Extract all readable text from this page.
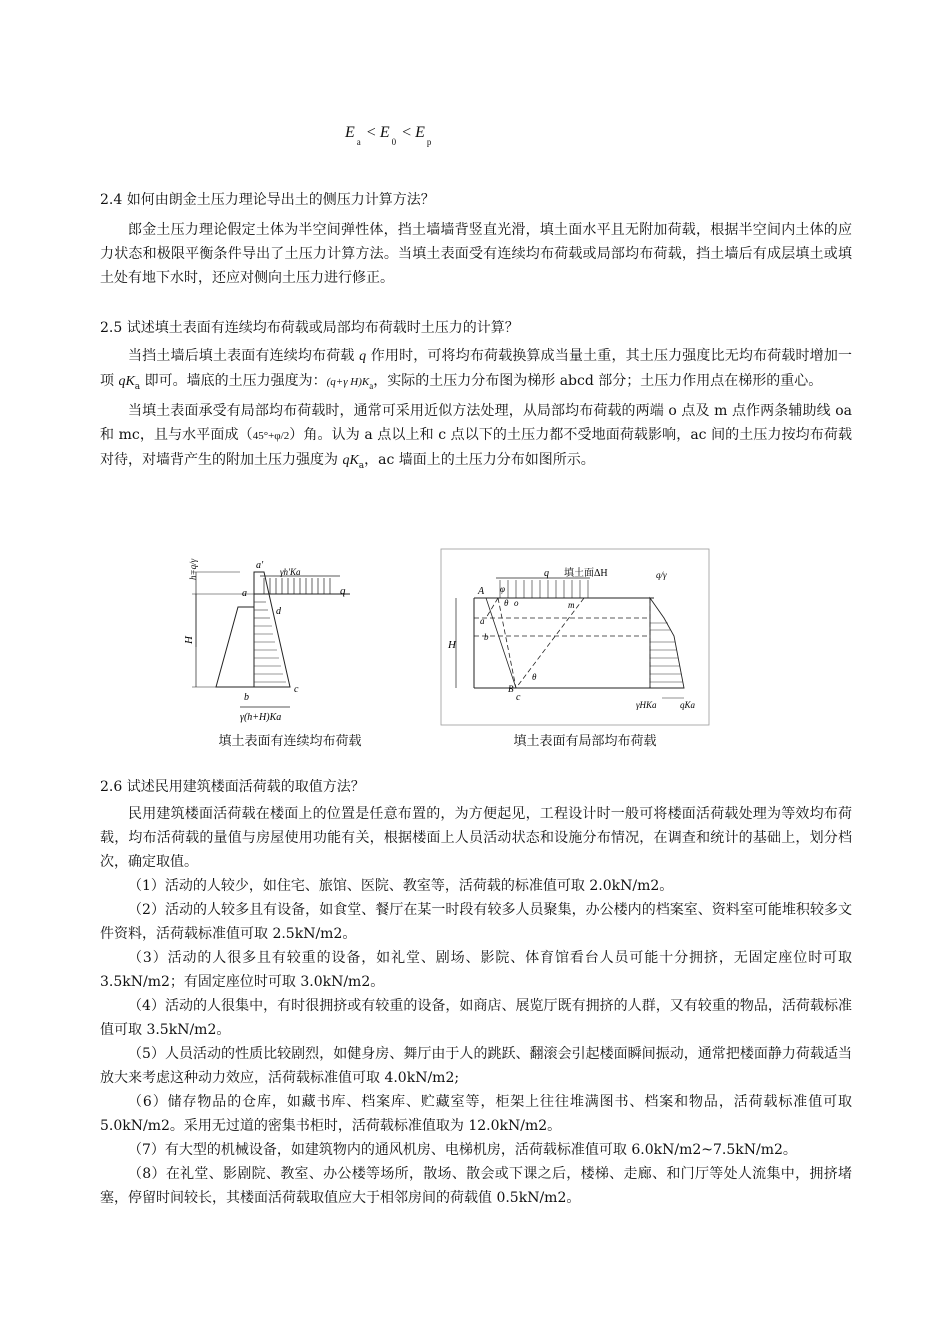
$E_a < E_0 < E_p$
2.4 如何由朗金土压力理论导出土的侧压力计算方法？

郎金土压力理论假定土体为半空间弹性体，挡土墙墙背竖直光滑，填土面水平且无附加荷载，根据半空间内土体的应力状态和极限平衡条件导出了土压力计算方法。当填土表面受有连续均布荷载或局部均布荷载，挡土墙后有成层填土或填土处有地下水时，还应对侧向土压力进行修正。

2.5 试述填土表面有连续均布荷载或局部均布荷载时土压力的计算？

当挡土墙后填土表面有连续均布荷载 q 作用时，可将均布荷载换算成当量土重，其土压力强度比无均布荷载时增加一项 $qK_a$ 即可。墙底的土压力强度为：(q+γ $H)K_a$，实际的土压力分布图为梯形 abcd 部分；土压力作用点在梯形的重心。

当填土表面承受有局部均布荷载时，通常可采用近似方法处理，从局部均布荷载的两端 o 点及 m 点作两条辅助线 oa 和 mc，且与水平面成（45°+φ/2）角。认为 a 点以上和 c 点以下的土压力都不受地面荷载影响，ac 间的土压力按均布荷载对待，对墙背产生的附加土压力强度为 $qK_a$，ac 墙面上的土压力分布如图所示。

h=q/γ
H
a'
a
d
b
c
q
γh'Ka
γ(h+H)Ka
填土表面有连续均布荷载
A φ
θ o	m
a
b
c
B
θ
q 填土面ΔH
H
q/γ
γHKa	qKa
填土表面有局部均布荷载
2.6 试述民用建筑楼面活荷载的取值方法？

民用建筑楼面活荷载在楼面上的位置是任意布置的，为方便起见，工程设计时一般可将楼面活荷载处理为等效均布荷载，均布活荷载的量值与房屋使用功能有关，根据楼面上人员活动状态和设施分布情况，在调查和统计的基础上，划分档次，确定取值。

（1）活动的人较少，如住宅、旅馆、医院、教室等，活荷载的标准值可取 2.0kN/m2。

（2）活动的人较多且有设备，如食堂、餐厅在某一时段有较多人员聚集，办公楼内的档案室、资料室可能堆积较多文件资料，活荷载标准值可取 2.5kN/m2。

（3）活动的人很多且有较重的设备，如礼堂、剧场、影院、体育馆看台人员可能十分拥挤，无固定座位时可取 3.5kN/m2；有固定座位时可取 3.0kN/m2。

（4）活动的人很集中，有时很拥挤或有较重的设备，如商店、展览厅既有拥挤的人群，又有较重的物品，活荷载标准值可取 3.5kN/m2。

（5）人员活动的性质比较剧烈，如健身房、舞厅由于人的跳跃、翻滚会引起楼面瞬间振动，通常把楼面静力荷载适当放大来考虑这种动力效应，活荷载标准值可取 4.0kN/m2;

（6）储存物品的仓库，如藏书库、档案库、贮藏室等，柜架上往往堆满图书、档案和物品，活荷载标准值可取 5.0kN/m2。采用无过道的密集书柜时，活荷载标准值取为 12.0kN/m2。

（7）有大型的机械设备，如建筑物内的通风机房、电梯机房，活荷载标准值可取 6.0kN/m2~7.5kN/m2。

（8）在礼堂、影剧院、教室、办公楼等场所，散场、散会或下课之后，楼梯、走廊、和门厅等处人流集中，拥挤堵塞，停留时间较长，其楼面活荷载取值应大于相邻房间的荷载值 0.5kN/m2。
